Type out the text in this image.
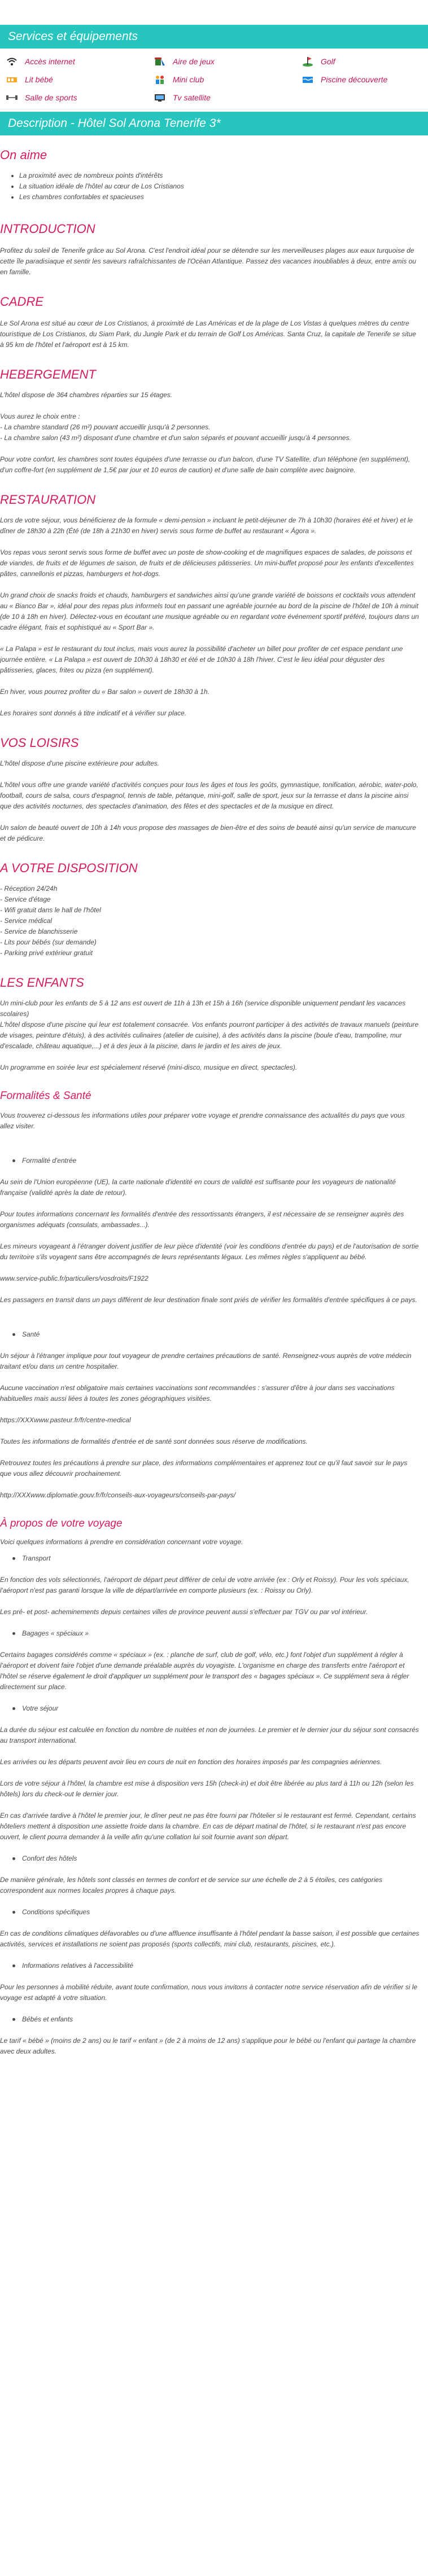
Services et équipements
Accès internet	Aire de jeux	Golf
Lit bébé	Mini club	Piscine découverte
Salle de sports	Tv satellite
Description - Hôtel Sol Arona Tenerife 3*
On aime
• La proximité avec de nombreux points d'intérêts
• La situation idéale de l'hôtel au cœur de Los Cristianos
• Les chambres confortables et spacieuses
INTRODUCTION

Profitez du soleil de Tenerife grâce au Sol Arona. C'est l'endroit idéal pour se détendre sur les merveilleuses plages aux eaux turquoise de cette île paradisiaque et sentir les saveurs rafraîchissantes de l'Océan Atlantique. Passez des vacances inoubliables à deux, entre amis ou en famille.

CADRE

Le Sol Arona est situé au cœur de Los Cristianos, à proximité de Las Américas et de la plage de Los Vistas à quelques mètres du centre touristique de Los Cristianos, du Siam Park, du Jungle Park et du terrain de Golf Los Américas. Santa Cruz, la capitale de Tenerife se situe à 95 km de l'hôtel et l'aéroport est à 15 km.

HEBERGEMENT

L'hôtel dispose de 364 chambres réparties sur 15 étages.

Vous aurez le choix entre :

- La chambre standard (26 m²) pouvant accueillir jusqu'à 2 personnes.

- La chambre salon (43 m²) disposant d'une chambre et d'un salon séparés et pouvant accueillir jusqu'à 4 personnes.

Pour votre confort, les chambres sont toutes équipées d'une terrasse ou d'un balcon, d'une TV Satellite, d'un téléphone (en supplément), d'un coffre-fort (en supplément de 1,5€ par jour et 10 euros de caution) et d'une salle de bain complète avec baignoire.

RESTAURATION

Lors de votre séjour, vous bénéficierez de la formule « demi-pension » incluant le petit-déjeuner de 7h à 10h30 (horaires été et hiver) et le dîner de 18h30 à 22h (Été (de 18h à 21h30 en hiver) servis sous forme de buffet au restaurant « Ágora ».

Vos repas vous seront servis sous forme de buffet avec un poste de show-cooking et de magnifiques espaces de salades, de poissons et de viandes, de fruits et de légumes de saison, de fruits et de délicieuses pâtisseries. Un mini-buffet proposé pour les enfants d'excellentes pâtes, cannellonis et pizzas, hamburgers et hot-dogs.

Un grand choix de snacks froids et chauds, hamburgers et sandwiches ainsi qu'une grande variété de boissons et cocktails vous attendent au « Bianco Bar », idéal pour des repas plus informels tout en passant une agréable journée au bord de la piscine de l'hôtel de 10h à minuit (de 10 à 18h en hiver). Délectez-vous en écoutant une musique agréable ou en regardant votre événement sportif préféré, toujours dans un cadre élégant, frais et sophistiqué au « Sport Bar ».

« La Palapa » est le restaurant du tout inclus, mais vous aurez la possibilité d'acheter un billet pour profiter de cet espace pendant une journée entière. « La Palapa » est ouvert de 10h30 à 18h30 et été et de 10h30 à 18h l'hiver. C'est le lieu idéal pour déguster des pâtisseries, glaces, frites ou pizza (en supplément).

En hiver, vous pourrez profiter du « Bar salon » ouvert de 18h30 à 1h.

Les horaires sont donnés à titre indicatif et à vérifier sur place.

VOS LOISIRS

L'hôtel dispose d'une piscine extérieure pour adultes.

L'hôtel vous offre une grande variété d'activités conçues pour tous les âges et tous les goûts, gymnastique, tonification, aérobic, water-polo, football, cours de salsa, cours d'espagnol, tennis de table, pétanque, mini-golf, salle de sport, jeux sur la terrasse et dans la piscine ainsi que des activités nocturnes, des spectacles d'animation, des fêtes et des spectacles et de la musique en direct.

Un salon de beauté ouvert de 10h à 14h vous propose des massages de bien-être et des soins de beauté ainsi qu'un service de manucure et de pédicure.

A VOTRE DISPOSITION

- Réception 24/24h

- Service d'étage

- Wifi gratuit dans le hall de l'hôtel

- Service médical

- Service de blanchisserie

- Lits pour bébés (sur demande)

- Parking privé extérieur gratuit

LES ENFANTS

Un mini-club pour les enfants de 5 à 12 ans est ouvert de 11h à 13h et 15h à 16h (service disponible uniquement pendant les vacances scolaires)

L'hôtel dispose d'une piscine qui leur est totalement consacrée. Vos enfants pourront participer à des activités de travaux manuels (peinture de visages, peinture d'étuis), à des activités culinaires (atelier de cuisine), à des activités dans la piscine (boule d'eau, trampoline, mur d'escalade, château aquatique,...) et à des jeux à la piscine, dans le jardin et les aires de jeux.

Un programme en soirée leur est spécialement réservé (mini-disco, musique en direct, spectacles).

Formalités & Santé

Vous trouverez ci-dessous les informations utiles pour préparer votre voyage et prendre connaissance des actualités du pays que vous allez visiter.

Formalité d'entrée

Au sein de l'Union européenne (UE), la carte nationale d'identité en cours de validité est suffisante pour les voyageurs de nationalité française (validité après la date de retour).

Pour toutes informations concernant les formalités d'entrée des ressortissants étrangers, il est nécessaire de se renseigner auprès des organismes adéquats (consulats, ambassades...).

Les mineurs voyageant à l'étranger doivent justifier de leur pièce d'identité (voir les conditions d'entrée du pays) et de l'autorisation de sortie du territoire s'ils voyagent sans être accompagnés de leurs représentants légaux. Les mêmes règles s'appliquent au bébé.

www.service-public.fr/particuliers/vosdroits/F1922

Les passagers en transit dans un pays différent de leur destination finale sont priés de vérifier les formalités d'entrée spécifiques à ce pays.

Santé

Un séjour à l'étranger implique pour tout voyageur de prendre certaines précautions de santé. Renseignez-vous auprès de votre médecin traitant et/ou dans un centre hospitalier.

Aucune vaccination n'est obligatoire mais certaines vaccinations sont recommandées : s'assurer d'être à jour dans ses vaccinations habituelles mais aussi liées à toutes les zones géographiques visitées.

https://XXXwww.pasteur.fr/fr/centre-medical

Toutes les informations de formalités d'entrée et de santé sont données sous réserve de modifications.

Retrouvez toutes les précautions à prendre sur place, des informations complémentaires et apprenez tout ce qu'il faut savoir sur le pays que vous allez découvrir prochainement.

http://XXXwww.diplomatie.gouv.fr/fr/conseils-aux-voyageurs/conseils-par-pays/

À propos de votre voyage

Voici quelques informations à prendre en considération concernant votre voyage.

Transport

En fonction des vols sélectionnés, l'aéroport de départ peut différer de celui de votre arrivée (ex : Orly et Roissy). Pour les vols spéciaux, l'aéroport n'est pas garanti lorsque la ville de départ/arrivée en comporte plusieurs (ex. : Roissy ou Orly).

Les pré- et post- acheminements depuis certaines villes de province peuvent aussi s'effectuer par TGV ou par vol intérieur.

Bagages « spéciaux »

Certains bagages considérés comme « spéciaux » (ex. : planche de surf, club de golf, vélo, etc.) font l'objet d'un supplément à régler à l'aéroport et doivent faire l'objet d'une demande préalable auprès du voyagiste. L'organisme en charge des transferts entre l'aéroport et l'hôtel se réserve également le droit d'appliquer un supplément pour le transport des « bagages spéciaux ». Ce supplément sera à régler directement sur place.

Votre séjour

La durée du séjour est calculée en fonction du nombre de nuitées et non de journées. Le premier et le dernier jour du séjour sont consacrés au transport international.

Les arrivées ou les départs peuvent avoir lieu en cours de nuit en fonction des horaires imposés par les compagnies aériennes.

Lors de votre séjour à l'hôtel, la chambre est mise à disposition vers 15h (check-in) et doit être libérée au plus tard à 11h ou 12h (selon les hôtels) lors du check-out le dernier jour.

En cas d'arrivée tardive à l'hôtel le premier jour, le dîner peut ne pas être fourni par l'hôtelier si le restaurant est fermé. Cependant, certains hôteliers mettent à disposition une assiette froide dans la chambre. En cas de départ matinal de l'hôtel, si le restaurant n'est pas encore ouvert, le client pourra demander à la veille afin qu'une collation lui soit fournie avant son départ.

Confort des hôtels

De manière générale, les hôtels sont classés en termes de confort et de service sur une échelle de 2 à 5 étoiles, ces catégories correspondent aux normes locales propres à chaque pays.

Conditions spécifiques

En cas de conditions climatiques défavorables ou d'une affluence insuffisante à l'hôtel pendant la basse saison, il est possible que certaines activités, services et installations ne soient pas proposés (sports collectifs, mini club, restaurants, piscines, etc.).

Informations relatives à l'accessibilité

Pour les personnes à mobilité réduite, avant toute confirmation, nous vous invitons à contacter notre service réservation afin de vérifier si le voyage est adapté à votre situation.

Bébés et enfants

Le tarif « bébé » (moins de 2 ans) ou le tarif « enfant » (de 2 à moins de 12 ans) s'applique pour le bébé ou l'enfant qui partage la chambre avec deux adultes.
